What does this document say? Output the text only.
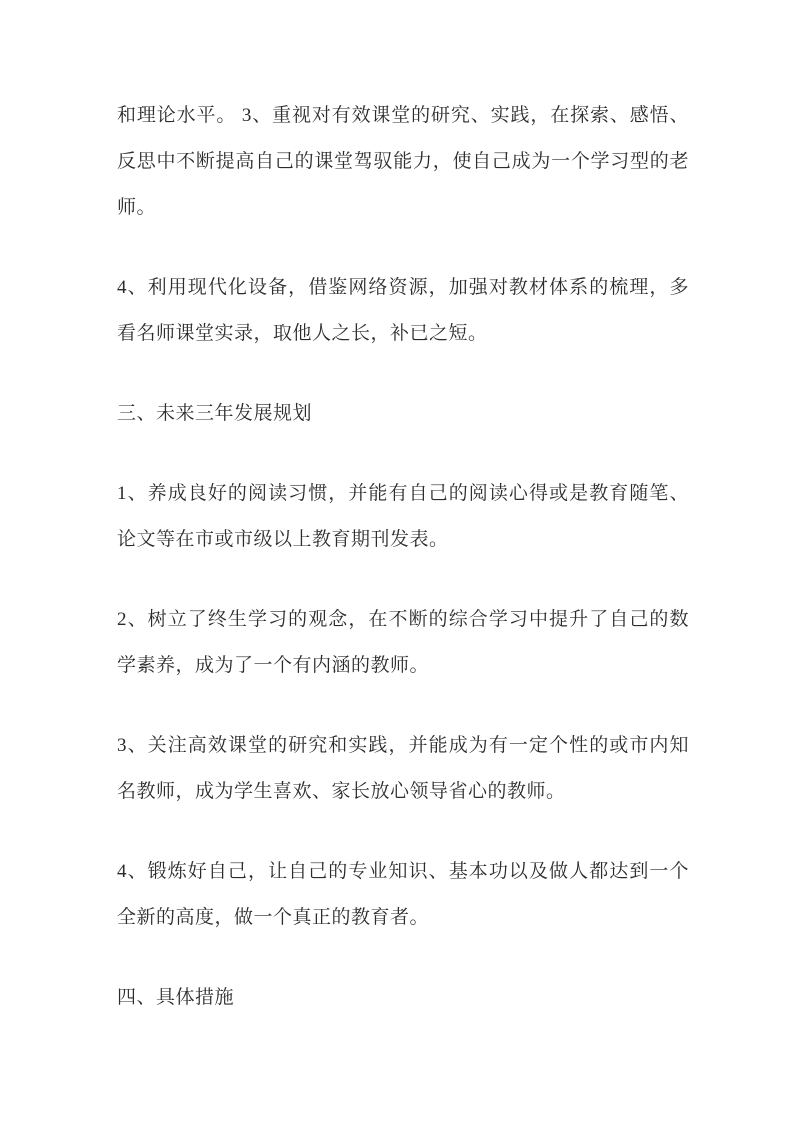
和理论水平。 3、重视对有效课堂的研究、实践，在探索、感悟、反思中不断提高自己的课堂驾驭能力，使自己成为一个学习型的老师。

4、利用现代化设备，借鉴网络资源，加强对教材体系的梳理，多看名师课堂实录，取他人之长，补已之短。

三、未来三年发展规划

1、养成良好的阅读习惯，并能有自己的阅读心得或是教育随笔、论文等在市或市级以上教育期刊发表。

2、树立了终生学习的观念，在不断的综合学习中提升了自己的数学素养，成为了一个有内涵的教师。

3、关注高效课堂的研究和实践，并能成为有一定个性的或市内知名教师，成为学生喜欢、家长放心领导省心的教师。

4、锻炼好自己，让自己的专业知识、基本功以及做人都达到一个全新的高度，做一个真正的教育者。

四、具体措施
